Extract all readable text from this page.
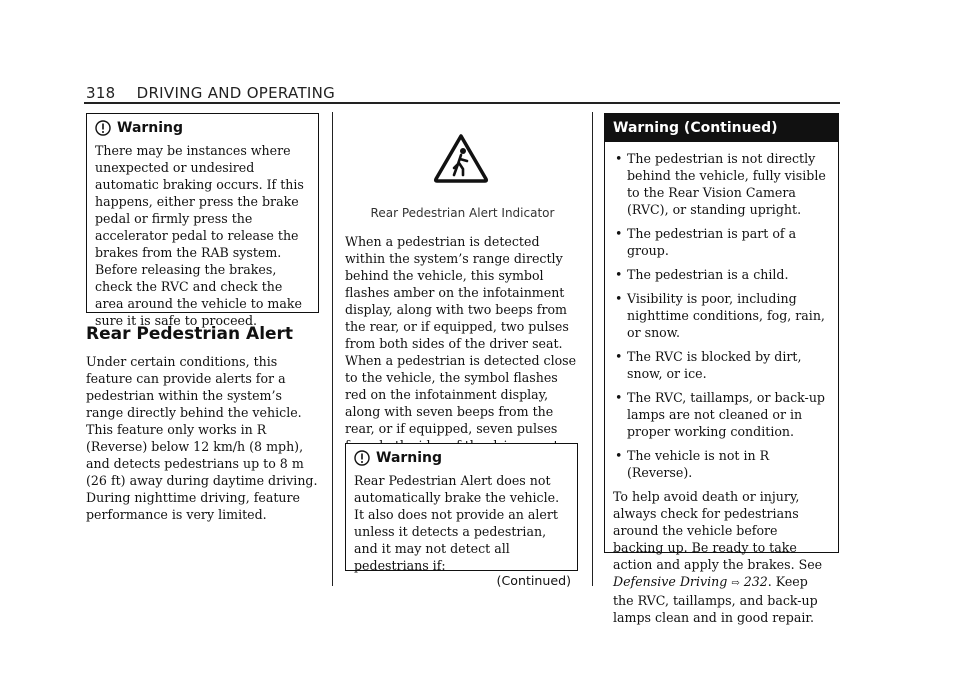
318 DRIVING AND OPERATING
Warning
There may be instances where unexpected or undesired automatic braking occurs. If this happens, either press the brake pedal or firmly press the accelerator pedal to release the brakes from the RAB system. Before releasing the brakes, check the RVC and check the area around the vehicle to make sure it is safe to proceed.
Rear Pedestrian Alert

Under certain conditions, this feature can provide alerts for a pedestrian within the system’s range directly behind the vehicle. This feature only works in R (Reverse) below 12 km/h (8 mph), and detects pedestrians up to 8 m (26 ft) away during daytime driving. During nighttime driving, feature performance is very limited.

Rear Pedestrian Alert Indicator

When a pedestrian is detected within the system’s range directly behind the vehicle, this symbol flashes amber on the infotainment display, along with two beeps from the rear, or if equipped, two pulses from both sides of the driver seat. When a pedestrian is detected close to the vehicle, the symbol flashes red on the infotainment display, along with seven beeps from the rear, or if equipped, seven pulses

Warning
Rear Pedestrian Alert does not automatically brake the vehicle. It also does not provide an alert unless it detects a pedestrian, and it may not detect all pedestrians if:
(Continued)
Warning (Continued)
• The pedestrian is not directly behind the vehicle, fully visible to the Rear Vision Camera (RVC), or standing upright.
• The pedestrian is part of a group.
• The pedestrian is a child.
• Visibility is poor, including nighttime conditions, fog, rain, or snow.
• The RVC is blocked by dirt, snow, or ice.
• The RVC, taillamps, or back-up lamps are not cleaned or in proper working condition.
• The vehicle is not in R (Reverse).

To help avoid death or injury, always check for pedestrians around the vehicle before backing up. Be ready to take action and apply the brakes. See Defensive Driving ⇨ 232. Keep the RVC, taillamps, and back-up lamps clean and in good repair.
